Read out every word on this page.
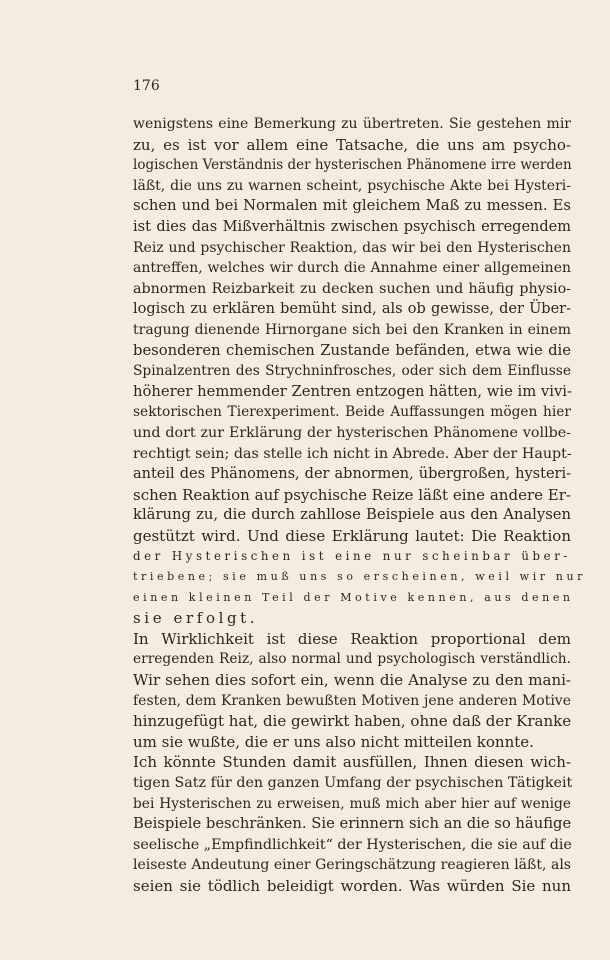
176
wenigstens eine Bemerkung zu übertreten. Sie gestehen mir
zu, es ist vor allem eine Tatsache, die uns am psycho-
logischen Verständnis der hysterischen Phänomene irre werden
läßt, die uns zu warnen scheint, psychische Akte bei Hysteri-
schen und bei Normalen mit gleichem Maß zu messen. Es
ist dies das Mißverhältnis zwischen psychisch erregendem
Reiz und psychischer Reaktion, das wir bei den Hysterischen
antreffen, welches wir durch die Annahme einer allgemeinen
abnormen Reizbarkeit zu decken suchen und häufig physio-
logisch zu erklären bemüht sind, als ob gewisse, der Über-
tragung dienende Hirnorgane sich bei den Kranken in einem
besonderen chemischen Zustande befänden, etwa wie die
Spinalzentren des Strychninfrosches, oder sich dem Einflusse
höherer hemmender Zentren entzogen hätten, wie im vivi-
sektorischen Tierexperiment. Beide Auffassungen mögen hier
und dort zur Erklärung der hysterischen Phänomene vollbe-
rechtigt sein; das stelle ich nicht in Abrede. Aber der Haupt-
anteil des Phänomens, der abnormen, übergroßen, hysteri-
schen Reaktion auf psychische Reize läßt eine andere Er-
klärung zu, die durch zahllose Beispiele aus den Analysen
gestützt wird. Und diese Erklärung lautet: Die Reaktion
der Hysterischen ist eine nur scheinbar über-
triebene; sie muß uns so erscheinen, weil wir nur
einen kleinen Teil der Motive kennen, aus denen
sie erfolgt.
In Wirklichkeit ist diese Reaktion proportional dem
erregenden Reiz, also normal und psychologisch verständlich.
Wir sehen dies sofort ein, wenn die Analyse zu den mani-
festen, dem Kranken bewußten Motiven jene anderen Motive
hinzugefügt hat, die gewirkt haben, ohne daß der Kranke
um sie wußte, die er uns also nicht mitteilen konnte.
Ich könnte Stunden damit ausfüllen, Ihnen diesen wich-
tigen Satz für den ganzen Umfang der psychischen Tätigkeit
bei Hysterischen zu erweisen, muß mich aber hier auf wenige
Beispiele beschränken. Sie erinnern sich an die so häufige
seelische „Empfindlichkeit“ der Hysterischen, die sie auf die
leiseste Andeutung einer Geringschätzung reagieren läßt, als
seien sie tödlich beleidigt worden. Was würden Sie nun
